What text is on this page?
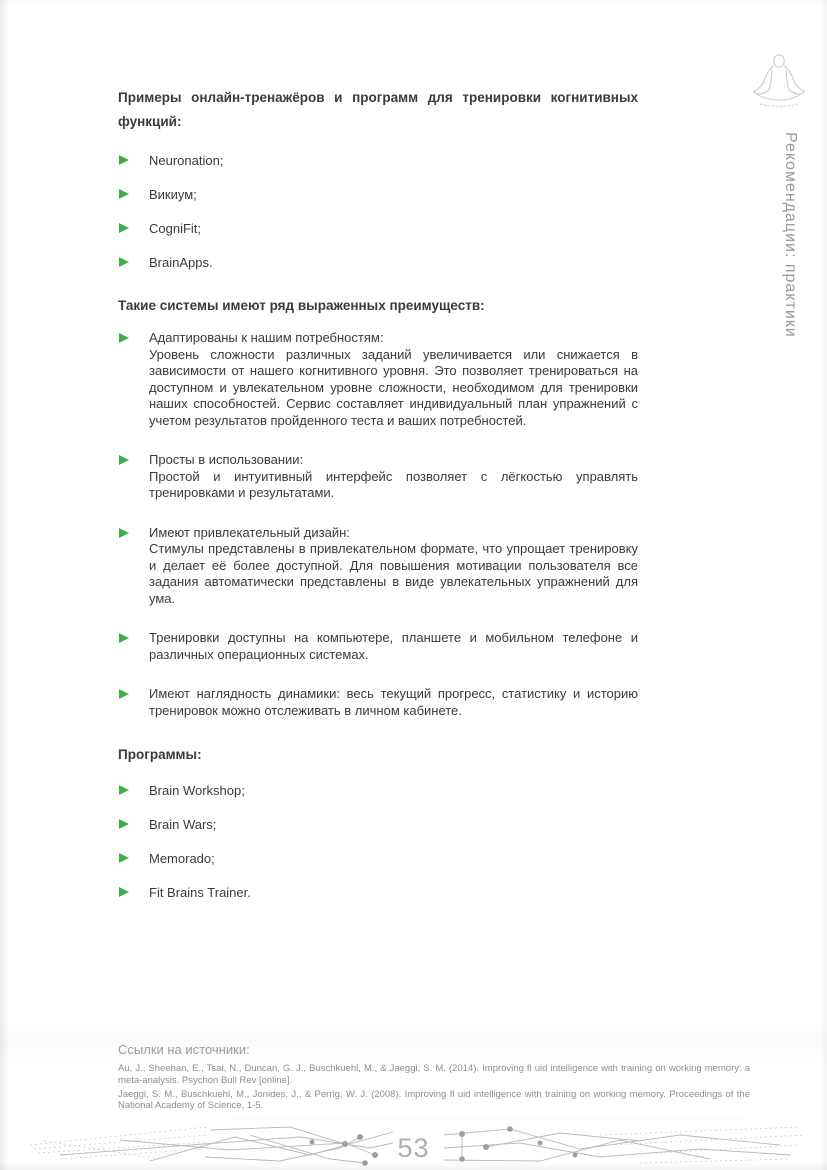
Рекомендации: практики

Примеры онлайн-тренажёров и программ для тренировки когнитивных функций:

Neuronation;
Викиум;
CogniFit;
BrainApps.

Такие системы имеют ряд выраженных преимуществ:

Адаптированы к нашим потребностям:
Уровень сложности различных заданий увеличивается или снижается в зависимости от нашего когнитивного уровня. Это позволяет тренироваться на доступном и увлекательном уровне сложности, необходимом для тренировки наших способностей. Сервис составляет индивидуальный план упражнений с учетом результатов пройденного теста и ваших потребностей.
Просты в использовании:
Простой и интуитивный интерфейс позволяет с лёгкостью управлять тренировками и результатами.
Имеют привлекательный дизайн:
Стимулы представлены в привлекательном формате, что упрощает тренировку и делает её более доступной. Для повышения мотивации пользователя все задания автоматически представлены в виде увлекательных упражнений для ума.
Тренировки доступны на компьютере, планшете и мобильном телефоне и различных операционных системах.
Имеют наглядность динамики: весь текущий прогресс, статистику и историю тренировок можно отслеживать в личном кабинете.

Программы:

Brain Workshop;
Brain Wars;
Memorado;
Fit Brains Trainer.

Ссылки на источники:

Au, J., Sheehan, E., Tsai, N., Duncan, G. J., Buschkuehl, M., & Jaeggi, S. M. (2014). Improving fl uid intelligence with training on working memory: a meta-analysis. Psychon Bull Rev [online].

Jaeggi, S. M., Buschkuehl, M., Jonides, J., & Perrig, W. J. (2008). Improving fl uid intelligence with training on working memory. Proceedings of the National Academy of Science, 1-5.

53
